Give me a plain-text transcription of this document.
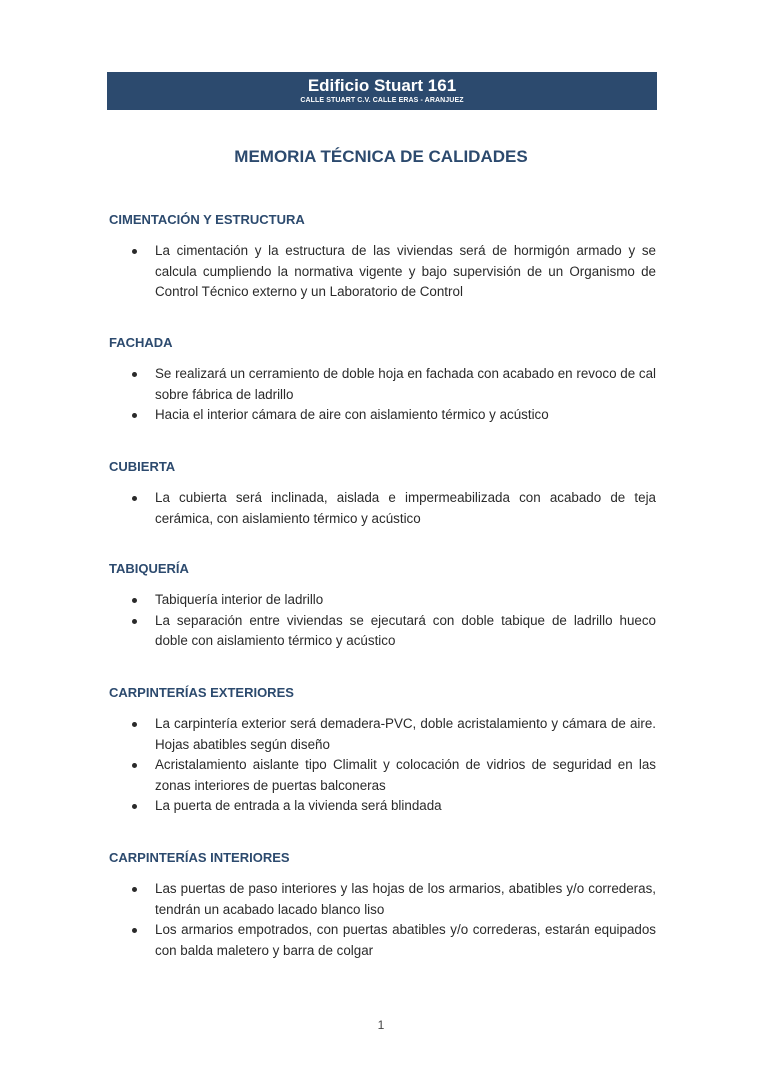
Edificio Stuart 161
CALLE STUART C.V. CALLE ERAS - ARANJUEZ
MEMORIA TÉCNICA DE CALIDADES
CIMENTACIÓN Y ESTRUCTURA
La cimentación y la estructura de las viviendas será de hormigón armado y se calcula cumpliendo la normativa vigente y bajo supervisión de un Organismo de Control Técnico externo y un Laboratorio de Control
FACHADA
Se realizará un cerramiento de doble hoja en fachada con acabado en revoco de cal sobre fábrica de ladrillo
Hacia el interior cámara de aire con aislamiento térmico y acústico
CUBIERTA
La cubierta será inclinada, aislada e impermeabilizada con acabado de teja cerámica, con aislamiento térmico y acústico
TABIQUERÍA
Tabiquería interior de ladrillo
La separación entre viviendas se ejecutará con doble tabique de ladrillo hueco doble con aislamiento térmico y acústico
CARPINTERÍAS EXTERIORES
La carpintería exterior será demadera-PVC, doble acristalamiento y cámara de aire. Hojas abatibles según diseño
Acristalamiento aislante tipo Climalit y colocación de vidrios de seguridad en las zonas interiores de puertas balconeras
La puerta de entrada a la vivienda será blindada
CARPINTERÍAS INTERIORES
Las puertas de paso interiores y las hojas de los armarios, abatibles y/o correderas, tendrán un acabado lacado blanco liso
Los armarios empotrados, con puertas abatibles y/o correderas, estarán equipados con balda maletero y barra de colgar
1
